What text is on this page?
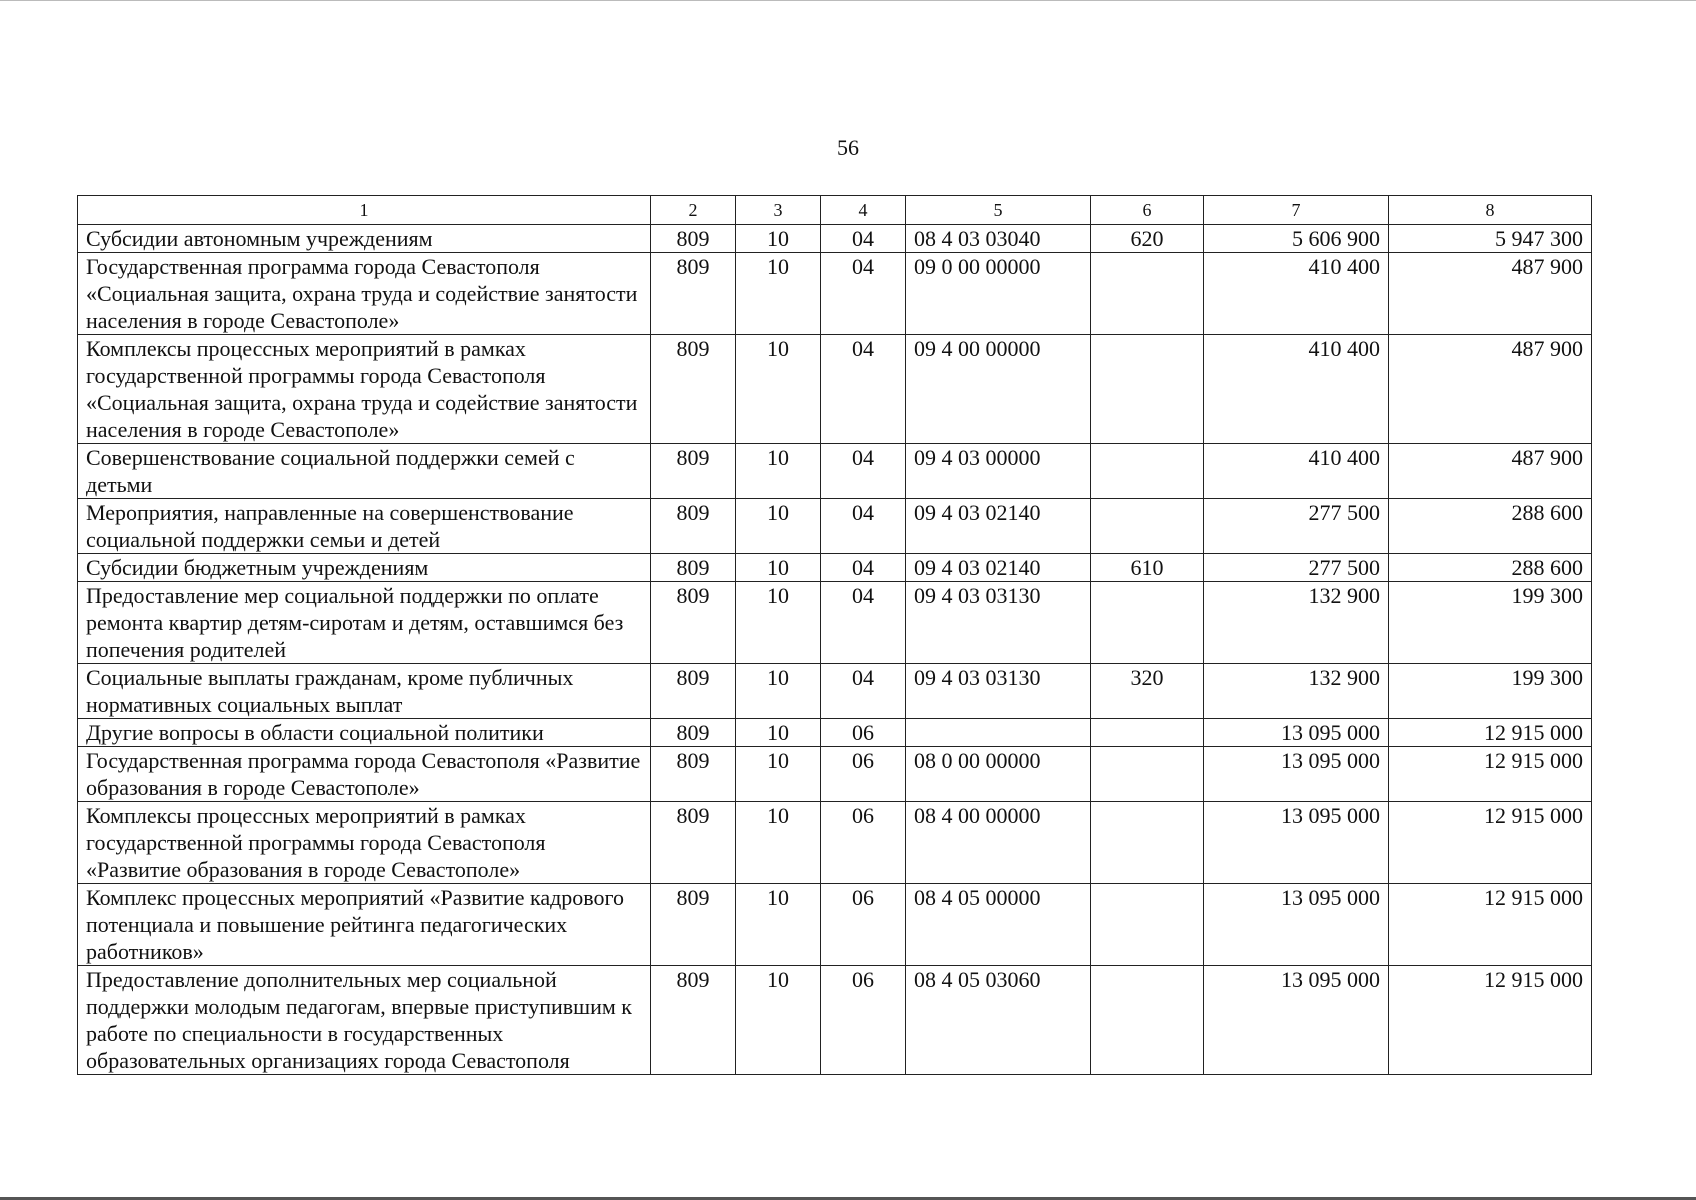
56
1	2	3	4	5	6	7	8
Субсидии автономным учреждениям	809	10	04	08 4 03 03040	620	5 606 900	5 947 300
Государственная программа города Севастополя «Социальная защита, охрана труда и содействие занятости населения в городе Севастополе»	809	10	04	09 0 00 00000		410 400	487 900
Комплексы процессных мероприятий в рамках государственной программы города Севастополя «Социальная защита, охрана труда и содействие занятости населения в городе Севастополе»	809	10	04	09 4 00 00000		410 400	487 900
Совершенствование социальной поддержки семей с детьми	809	10	04	09 4 03 00000		410 400	487 900
Мероприятия, направленные на совершенствование социальной поддержки семьи и детей	809	10	04	09 4 03 02140		277 500	288 600
Субсидии бюджетным учреждениям	809	10	04	09 4 03 02140	610	277 500	288 600
Предоставление мер социальной поддержки по оплате ремонта квартир детям-сиротам и детям, оставшимся без попечения родителей	809	10	04	09 4 03 03130		132 900	199 300
Социальные выплаты гражданам, кроме публичных нормативных социальных выплат	809	10	04	09 4 03 03130	320	132 900	199 300
Другие вопросы в области социальной политики	809	10	06			13 095 000	12 915 000
Государственная программа города Севастополя «Развитие образования в городе Севастополе»	809	10	06	08 0 00 00000		13 095 000	12 915 000
Комплексы процессных мероприятий в рамках государственной программы города Севастополя «Развитие образования в городе Севастополе»	809	10	06	08 4 00 00000		13 095 000	12 915 000
Комплекс процессных мероприятий «Развитие кадрового потенциала и повышение рейтинга педагогических работников»	809	10	06	08 4 05 00000		13 095 000	12 915 000
Предоставление дополнительных мер социальной поддержки молодым педагогам, впервые приступившим к работе по специальности в государственных образовательных организациях города Севастополя	809	10	06	08 4 05 03060		13 095 000	12 915 000
